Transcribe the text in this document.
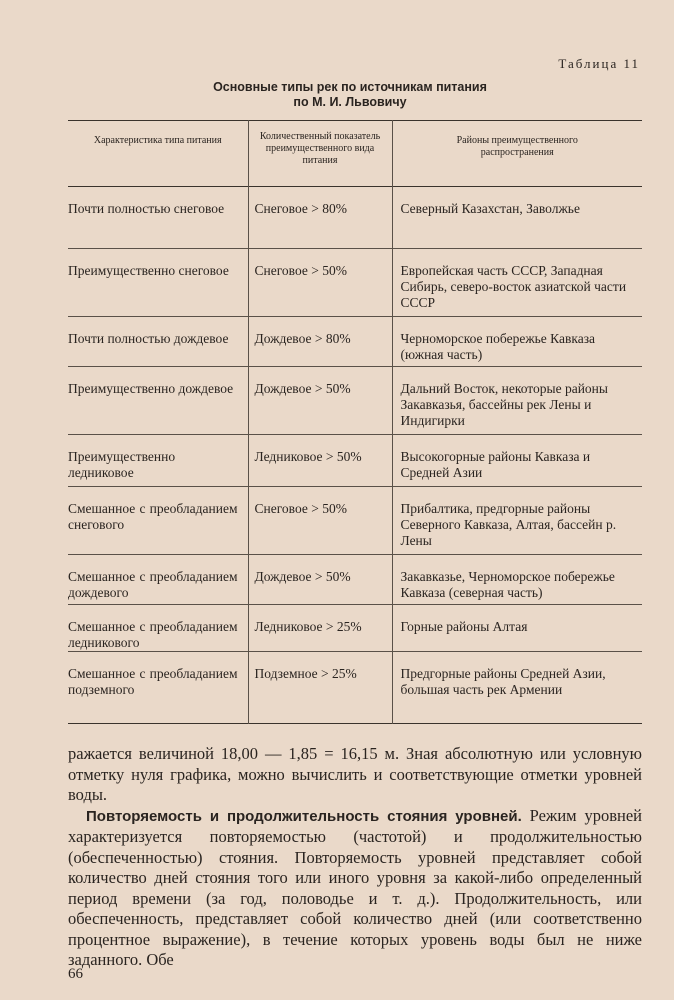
Таблица 11
Основные типы рек по источникам питания
по М. И. Львовичу
Характеристика типа питания	Количественный показатель преимущественного вида питания	Районы преимущественного распространения

Почти полностью снеговое	Снеговое > 80%	Северный Казахстан, Заволжье

Преимущественно снеговое	Снеговое > 50%	Европейская часть СССР, Западная Сибирь, северо-восток азиатской части СССР

Почти полностью дождевое	Дождевое > 80%	Черноморское побережье Кавказа (южная часть)

Преимущественно дождевое	Дождевое > 50%	Дальний Восток, некоторые районы Закавказья, бассейны рек Лены и Индигирки

Преимущественно ледниковое	Ледниковое > 50%	Высокогорные районы Кавказа и Средней Азии

Смешанное с преобладанием снегового	Снеговое > 50%	Прибалтика, предгорные районы Северного Кавказа, Алтая, бассейн р. Лены

Смешанное с преобладанием дождевого	Дождевое > 50%	Закавказье, Черноморское побережье Кавказа (северная часть)

Смешанное с преобладанием ледникового	Ледниковое > 25%	Горные районы Алтая

Смешанное с преобладанием подземного	Подземное > 25%	Предгорные районы Средней Азии, большая часть рек Армении

ражается величиной 18,00 — 1,85 = 16,15 м. Зная абсолютную или условную отметку нуля графика, можно вычислить и соответствующие отметки уровней воды.

Повторяемость и продолжительность стояния уровней. Режим уровней характеризуется повторяемостью (частотой) и продолжительностью (обеспеченностью) стояния. Повторяемость уровней представляет собой количество дней стояния того или иного уровня за какой-либо определенный период времени (за год, половодье и т. д.). Продолжительность, или обеспеченность, представляет собой количество дней (или соответственно процентное выражение), в течение которых уровень воды был не ниже заданного. Обе

66
